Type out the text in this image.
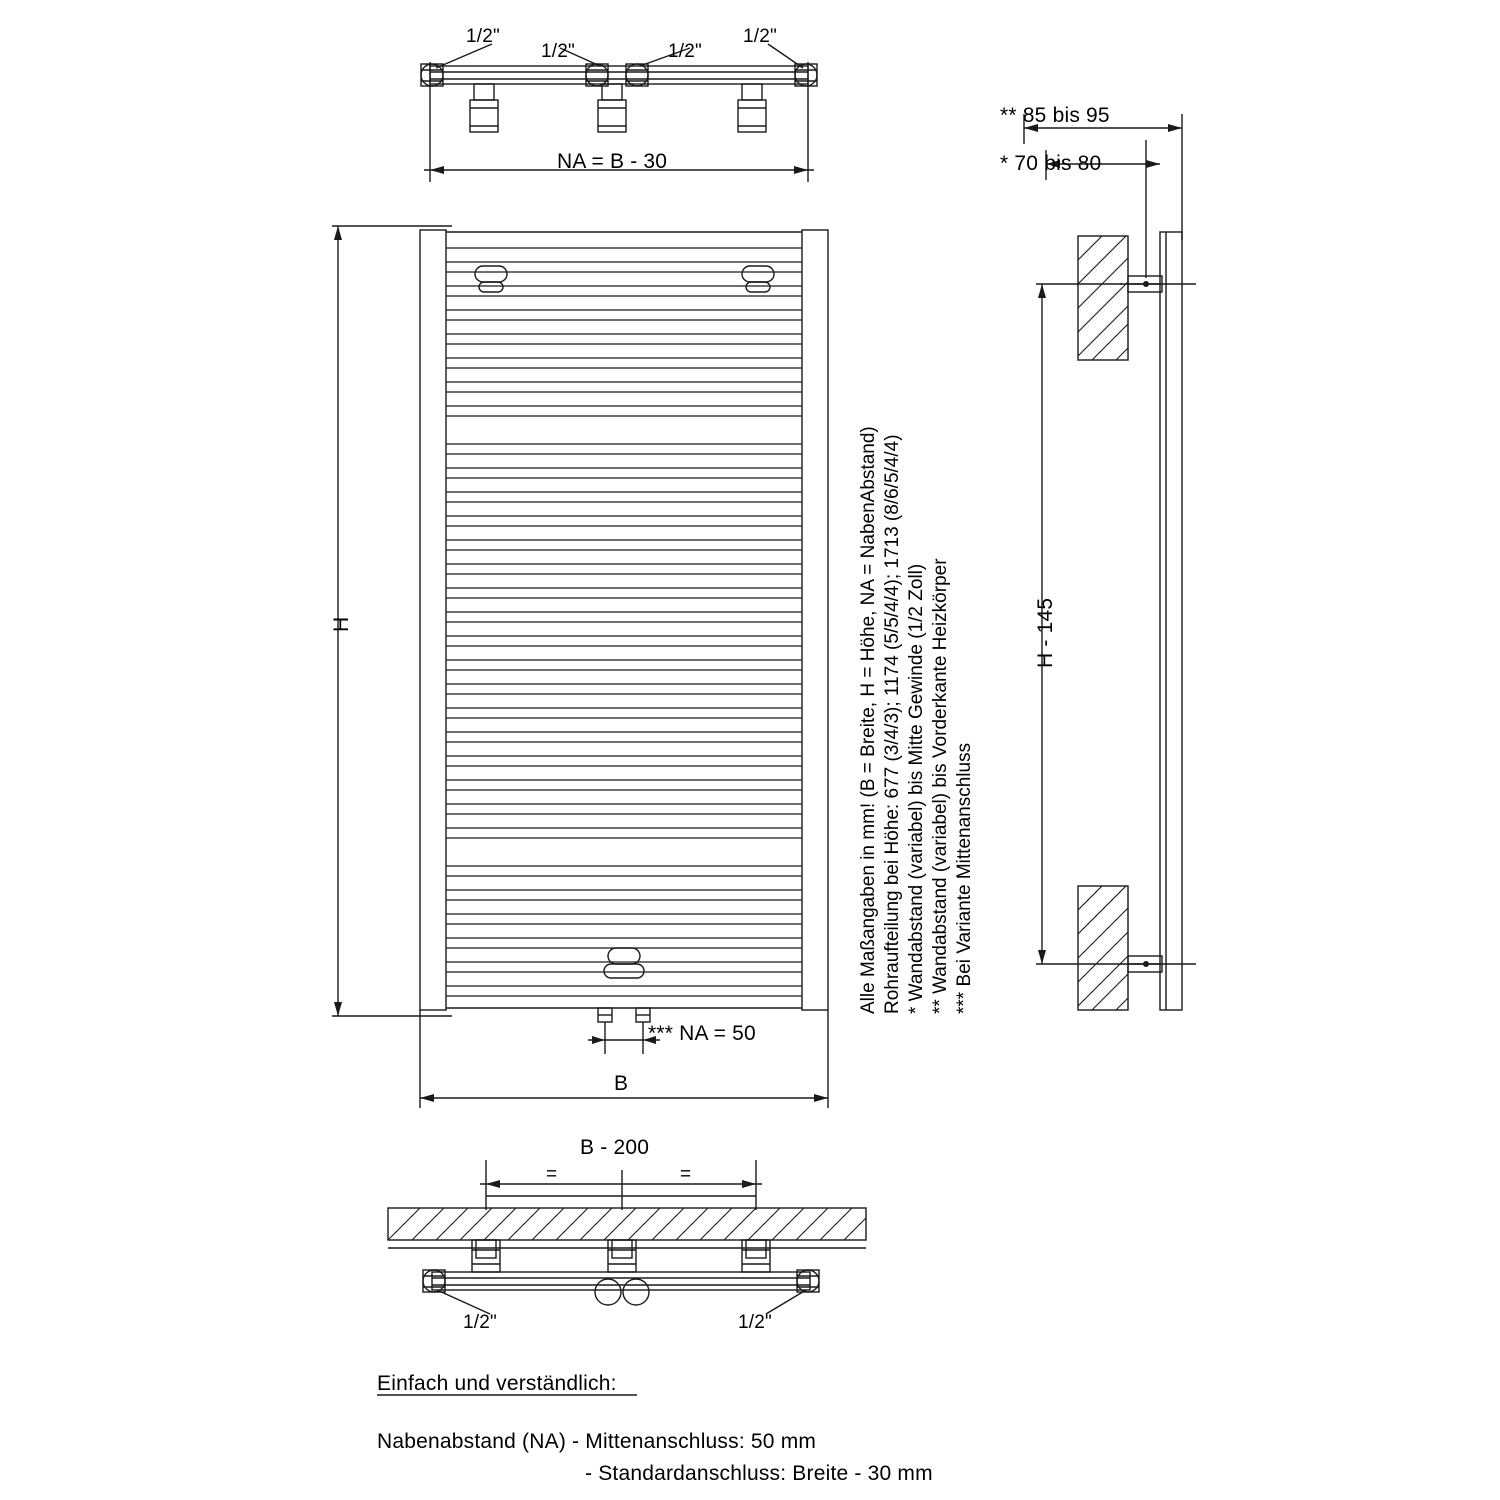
1/2"
1/2"	1/2"
1/2"
NA = B - 30
H
B
*** NA = 50
** 85 bis 95
* 70 bis 80
H - 145
B - 200
=	=
1/2"	1/2"
Alle Maßangaben in mm! (B = Breite, H = Höhe, NA = NabenAbstand) Rohraufteilung bei Höhe: 677 (3/4/3); 1174 (5/5/4/4); 1713 (8/6/5/4/4) * Wandabstand (variabel) bis Mitte Gewinde (1/2 Zoll) ** Wandabstand (variabel) bis Vorderkante Heizkörper *** Bei Variante Mittenanschluss
Einfach und verständlich:
Nabenabstand (NA) - Mittenanschluss: 50 mm
- Standardanschluss: Breite - 30 mm
